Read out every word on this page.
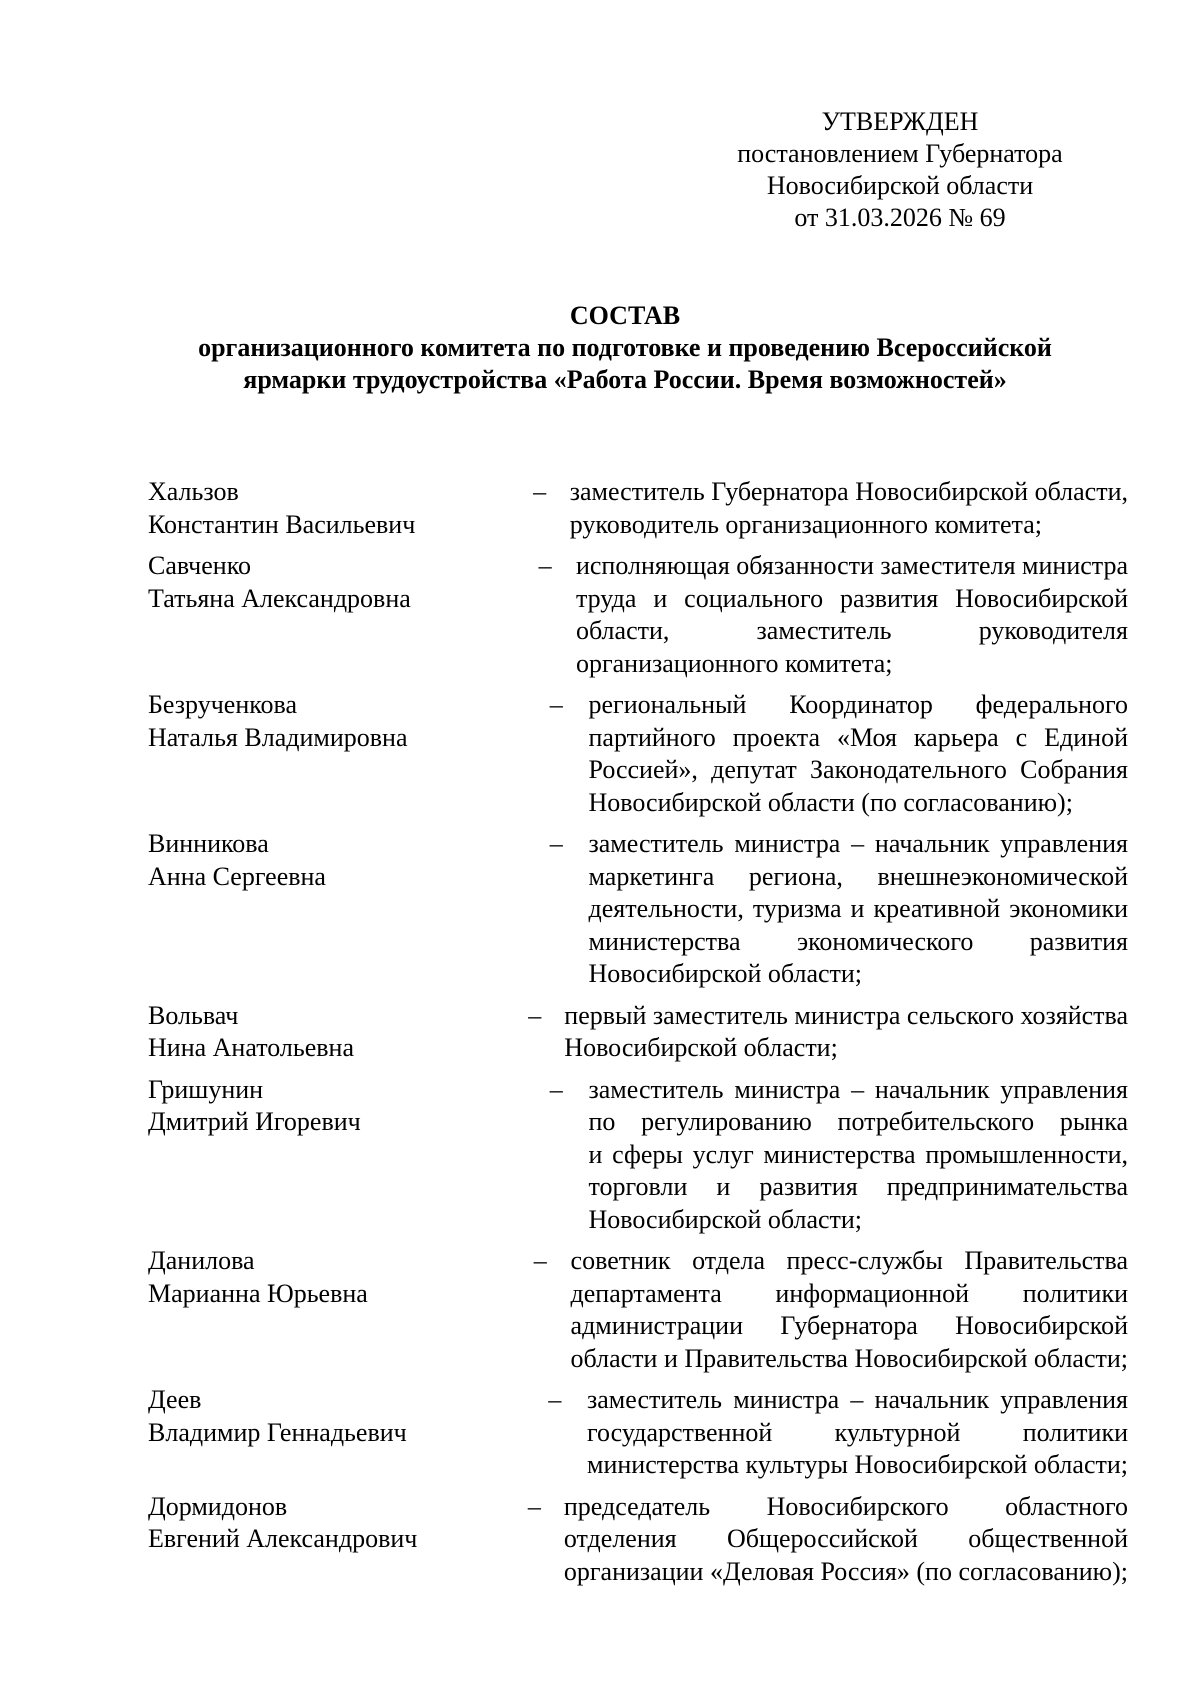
УТВЕРЖДЕН
постановлением Губернатора
Новосибирской области
от 31.03.2026 № 69
СОСТАВ
организационного комитета по подготовке и проведению Всероссийской
ярмарки трудоустройства «Работа России. Время возможностей»
Хальзов
Константин Васильевич
– заместитель Губернатора Новосибирской области,
руководитель организационного комитета;
Савченко
Татьяна Александровна
– исполняющая обязанности заместителя министра
труда и социального развития Новосибирской
области, заместитель руководителя
организационного комитета;
Безрученкова
Наталья Владимировна
– региональный Координатор федерального
партийного проекта «Моя карьера с Единой
Россией», депутат Законодательного Собрания
Новосибирской области (по согласованию);
Винникова
Анна Сергеевна
– заместитель министра – начальник управления
маркетинга региона, внешнеэкономической
деятельности, туризма и креативной экономики
министерства экономического развития
Новосибирской области;
Вольвач
Нина Анатольевна
– первый заместитель министра сельского хозяйства
Новосибирской области;
Гришунин
Дмитрий Игоревич
– заместитель министра – начальник управления
по регулированию потребительского рынка
и сферы услуг министерства промышленности,
торговли и развития предпринимательства
Новосибирской области;
Данилова
Марианна Юрьевна
– советник отдела пресс-службы Правительства
департамента информационной политики
администрации Губернатора Новосибирской
области и Правительства Новосибирской области;
Деев
Владимир Геннадьевич
– заместитель министра – начальник управления
государственной культурной политики
министерства культуры Новосибирской области;
Дормидонов
Евгений Александрович
– председатель Новосибирского областного
отделения Общероссийской общественной
организации «Деловая Россия» (по согласованию);
